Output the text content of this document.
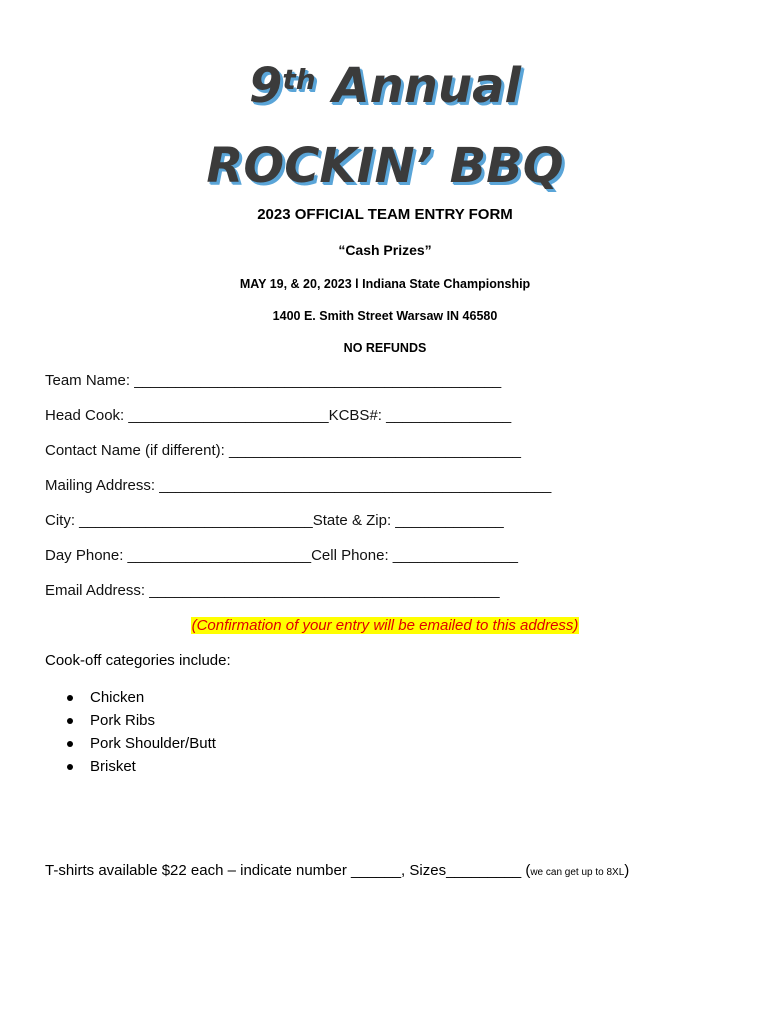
9th Annual
ROCKIN’ BBQ
2023 OFFICIAL TEAM ENTRY FORM
“Cash Prizes”
MAY 19, & 20, 2023 l Indiana State Championship
1400 E. Smith Street Warsaw IN 46580
NO REFUNDS
Team Name: ____________________________________________
Head Cook: ________________________KCBS#: _______________
Contact Name (if different): ___________________________________
Mailing Address: _______________________________________________
City: ____________________________State & Zip: _____________
Day Phone: ______________________Cell Phone: _______________
Email Address: __________________________________________
(Confirmation of your entry will be emailed to this address)
Cook-off categories include:
Chicken
Pork Ribs
Pork Shoulder/Butt
Brisket
T-shirts available $22 each – indicate number ______, Sizes_________ (we can get up to 8XL)
